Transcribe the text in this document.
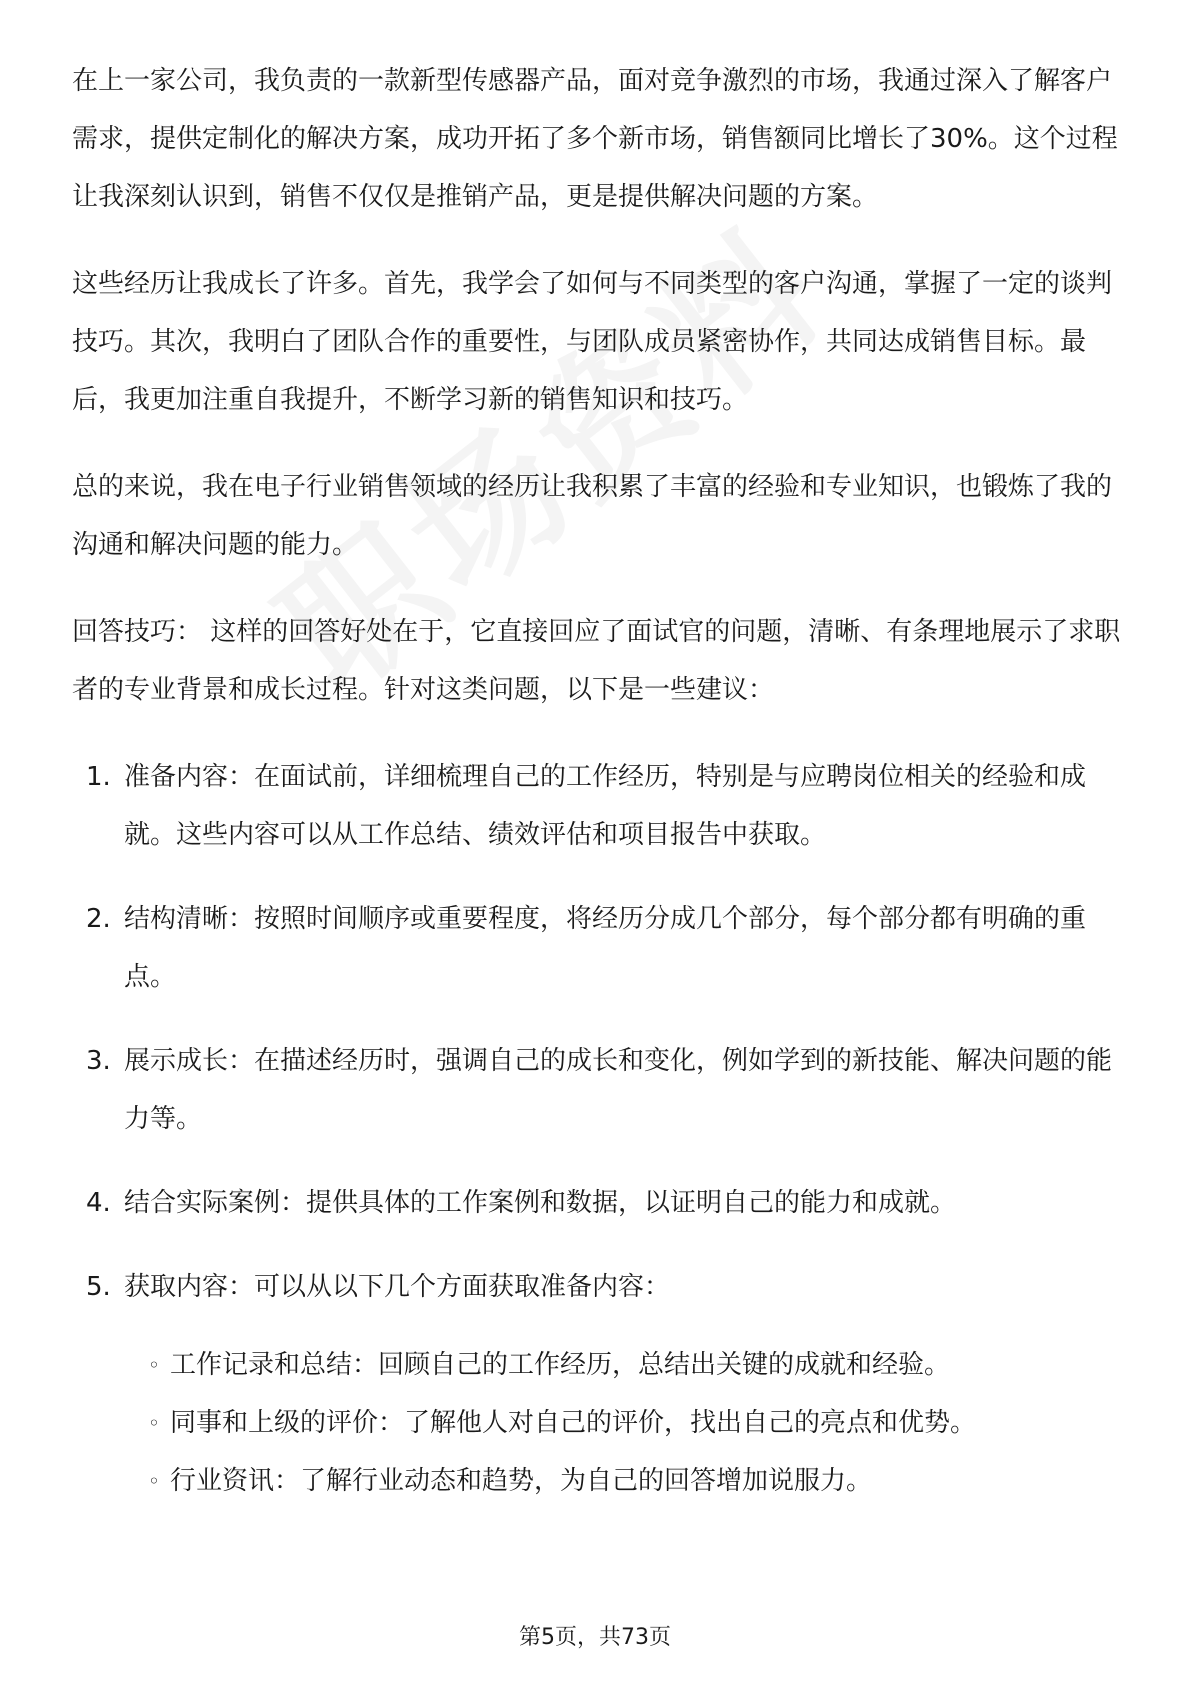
在上一家公司，我负责的一款新型传感器产品，面对竞争激烈的市场，我通过深入了解客户需求，提供定制化的解决方案，成功开拓了多个新市场，销售额同比增长了30%。这个过程让我深刻认识到，销售不仅仅是推销产品，更是提供解决问题的方案。

这些经历让我成长了许多。首先，我学会了如何与不同类型的客户沟通，掌握了一定的谈判技巧。其次，我明白了团队合作的重要性，与团队成员紧密协作，共同达成销售目标。最后，我更加注重自我提升，不断学习新的销售知识和技巧。

总的来说，我在电子行业销售领域的经历让我积累了丰富的经验和专业知识，也锻炼了我的沟通和解决问题的能力。

回答技巧： 这样的回答好处在于，它直接回应了面试官的问题，清晰、有条理地展示了求职者的专业背景和成长过程。针对这类问题，以下是一些建议：

1. 准备内容：在面试前，详细梳理自己的工作经历，特别是与应聘岗位相关的经验和成就。这些内容可以从工作总结、绩效评估和项目报告中获取。
2. 结构清晰：按照时间顺序或重要程度，将经历分成几个部分，每个部分都有明确的重点。
3. 展示成长：在描述经历时，强调自己的成长和变化，例如学到的新技能、解决问题的能力等。
4. 结合实际案例：提供具体的工作案例和数据，以证明自己的能力和成就。
5. 获取内容：可以从以下几个方面获取准备内容：
◦ 工作记录和总结：回顾自己的工作经历，总结出关键的成就和经验。
◦ 同事和上级的评价：了解他人对自己的评价，找出自己的亮点和优势。
◦ 行业资讯：了解行业动态和趋势，为自己的回答增加说服力。
第5页，共73页
